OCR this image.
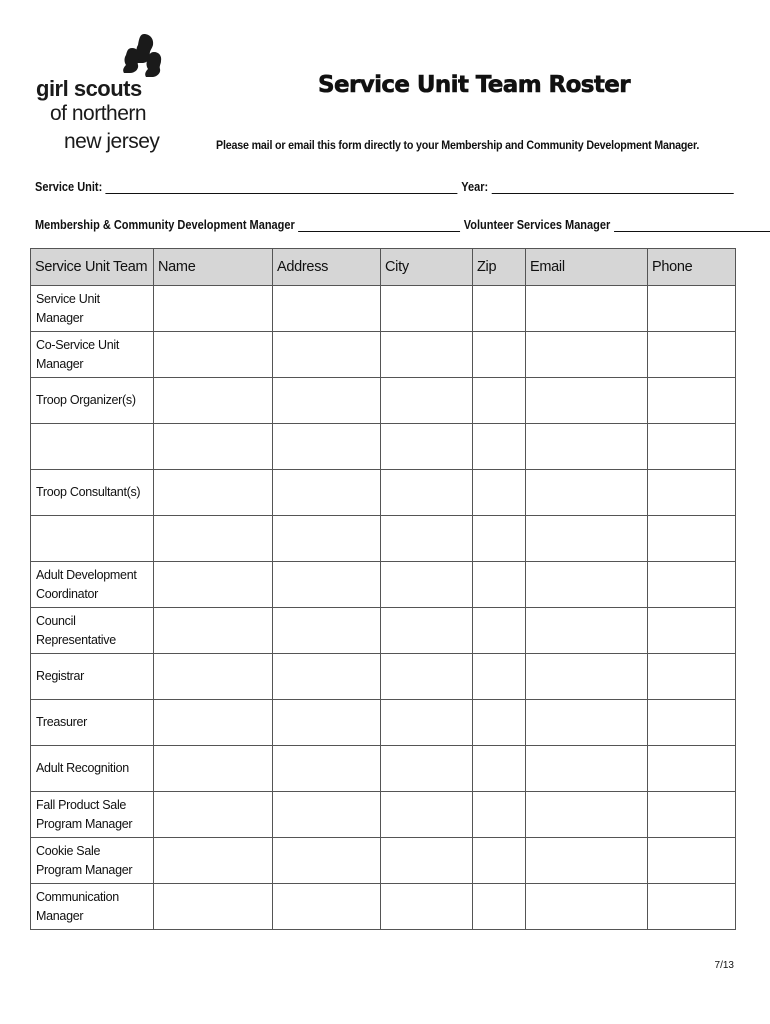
girl scouts
of northern
new jersey
Service Unit Team Roster
Please mail or email this form directly to your Membership and Community Development Manager.
Service Unit:	Year:
Membership & Community Development Manager	Volunteer Services Manager
Service Unit Team	Name	Address	City	Zip	Email	Phone
Service Unit Manager						
Co-Service Unit Manager						
Troop Organizer(s)						

Troop Consultant(s)						

Adult Development Coordinator						
Council Representative						
Registrar						
Treasurer						
Adult Recognition						
Fall Product Sale Program Manager						
Cookie Sale Program Manager						
Communication Manager						
7/13
